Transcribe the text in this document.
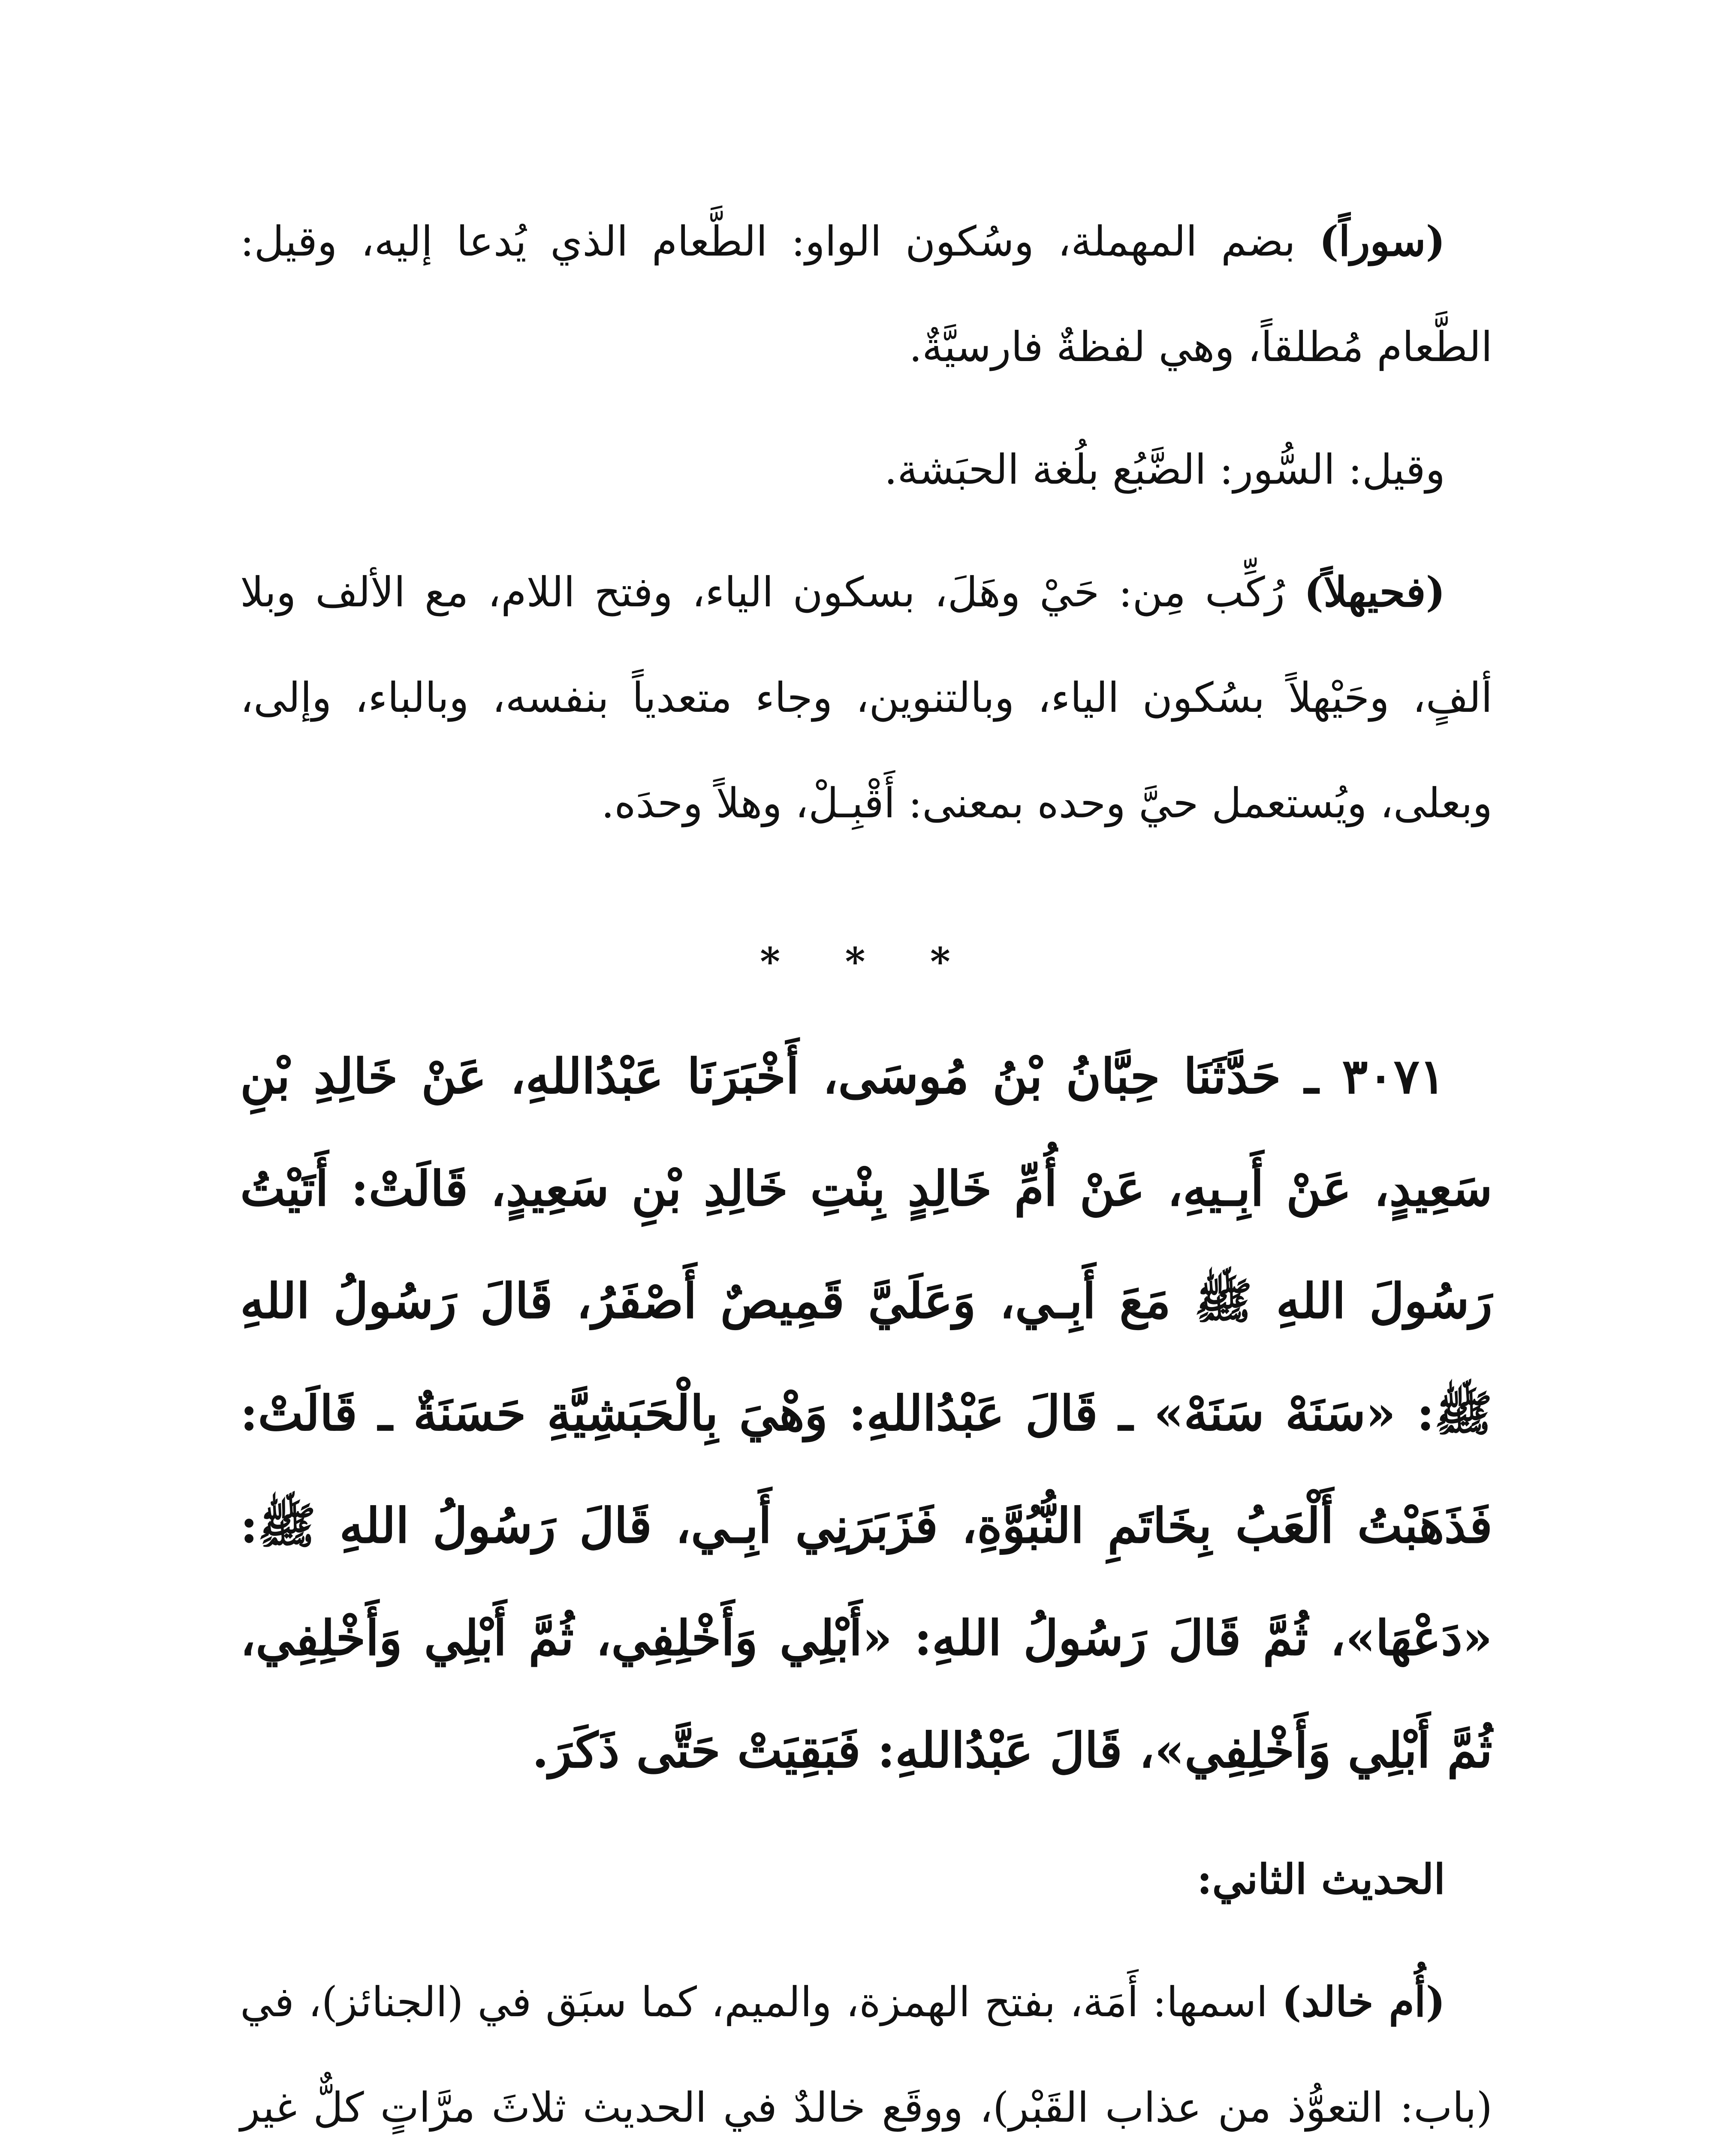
(سوراً) بضم المهملة، وسُكون الواو: الطَّعام الذي يُدعا إليه، وقيل: الطَّعام مُطلقاً، وهي لفظةٌ فارسيَّةٌ.

وقيل: السُّور: الضَّبُع بلُغة الحبَشة.

(فحيهلاً) رُكِّب مِن: حَيْ وهَلَ، بسكون الياء، وفتح اللام، مع الألف وبلا ألفٍ، وحَيْهلاً بسُكون الياء، وبالتنوين، وجاء متعدياً بنفسه، وبالباء، وإلى، وبعلى، ويُستعمل حيَّ وحده بمعنى: أَقْبِـلْ، وهلاً وحدَه.

* * *

٣٠٧١ ـ حَدَّثَنَا حِبَّانُ بْنُ مُوسَى، أَخْبَرَنَا عَبْدُاللهِ، عَنْ خَالِدِ بْنِ سَعِيدٍ، عَنْ أَبِـيهِ، عَنْ أُمِّ خَالِدٍ بِنْتِ خَالِدِ بْنِ سَعِيدٍ، قَالَتْ: أَتَيْتُ رَسُولَ اللهِ ﷺ مَعَ أَبِـي، وَعَلَيَّ قَمِيصٌ أَصْفَرُ، قَالَ رَسُولُ اللهِ ﷺ: «سَنَهْ سَنَهْ» ـ قَالَ عَبْدُاللهِ: وَهْيَ بِالْحَبَشِيَّةِ حَسَنَةٌ ـ قَالَتْ: فَذَهَبْتُ أَلْعَبُ بِخَاتَمِ النُّبُوَّةِ، فَزَبَرَنِي أَبِـي، قَالَ رَسُولُ اللهِ ﷺ: «دَعْهَا»، ثُمَّ قَالَ رَسُولُ اللهِ: «أَبْلِي وَأَخْلِفِي، ثُمَّ أَبْلِي وَأَخْلِفِي، ثُمَّ أَبْلِي وَأَخْلِفِي»، قَالَ عَبْدُاللهِ: فَبَقِيَتْ حَتَّى ذَكَرَ.

الحديث الثاني:

(أُم خالد) اسمها: أَمَة، بفتح الهمزة، والميم، كما سبَق في (الجنائز)، في (باب: التعوُّذ من عذاب القَبْر)، ووقَع خالدٌ في الحديث ثلاثَ مرَّاتٍ كلٌّ غير
